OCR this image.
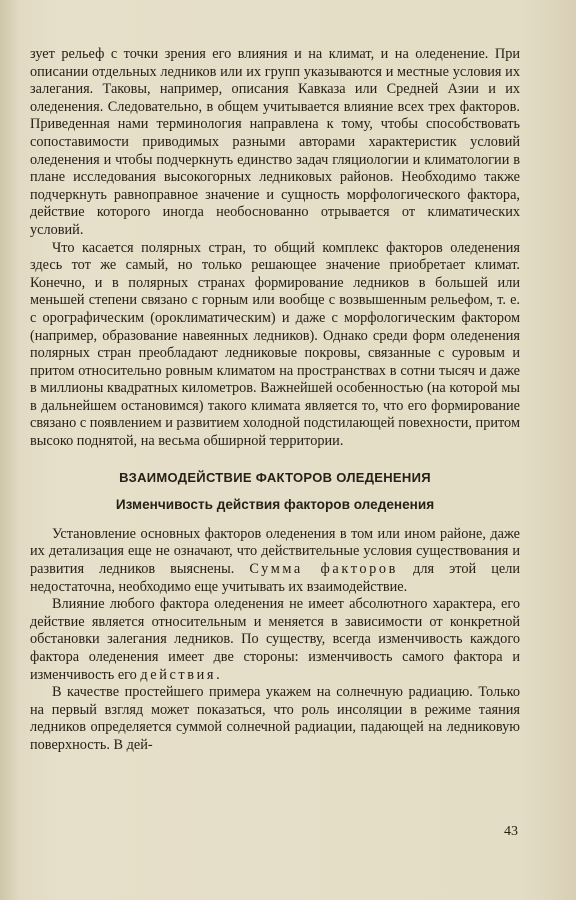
зует рельеф с точки зрения его влияния и на климат, и на оледенение. При описании отдельных ледников или их групп указываются и местные условия их залегания. Таковы, например, описания Кавказа или Средней Азии и их оледенения. Следовательно, в общем учитывается влияние всех трех факторов. Приведенная нами терминология направлена к тому, чтобы способствовать сопоставимости приводимых разными авторами характеристик условий оледенения и чтобы подчеркнуть единство задач гляциологии и климатологии в плане исследования высокогорных ледниковых районов. Необходимо также подчеркнуть равноправное значение и сущность морфологического фактора, действие которого иногда необоснованно отрывается от климатических условий.

Что касается полярных стран, то общий комплекс факторов оледенения здесь тот же самый, но только решающее значение приобретает климат. Конечно, и в полярных странах формирование ледников в большей или меньшей степени связано с горным или вообще с возвышенным рельефом, т. е. с орографическим (ороклиматическим) и даже с морфологическим фактором (например, образование навеянных ледников). Однако среди форм оледенения полярных стран преобладают ледниковые покровы, связанные с суровым и притом относительно ровным климатом на пространствах в сотни тысяч и даже в миллионы квадратных километров. Важнейшей особенностью (на которой мы в дальнейшем остановимся) такого климата является то, что его формирование связано с появлением и развитием холодной подстилающей повехности, притом высоко поднятой, на весьма обширной территории.

ВЗАИМОДЕЙСТВИЕ ФАКТОРОВ ОЛЕДЕНЕНИЯ
Изменчивость действия факторов оледенения

Установление основных факторов оледенения в том или ином районе, даже их детализация еще не означают, что действительные условия существования и развития ледников выяснены. Сумма факторов для этой цели недостаточна, необходимо еще учитывать их взаимодействие.

Влияние любого фактора оледенения не имеет абсолютного характера, его действие является относительным и меняется в зависимости от конкретной обстановки залегания ледников. По существу, всегда изменчивость каждого фактора оледенения имеет две стороны: изменчивость самого фактора и изменчивость его действия.

В качестве простейшего примера укажем на солнечную радиацию. Только на первый взгляд может показаться, что роль инсоляции в режиме таяния ледников определяется суммой солнечной радиации, падающей на ледниковую поверхность. В дей-

43
